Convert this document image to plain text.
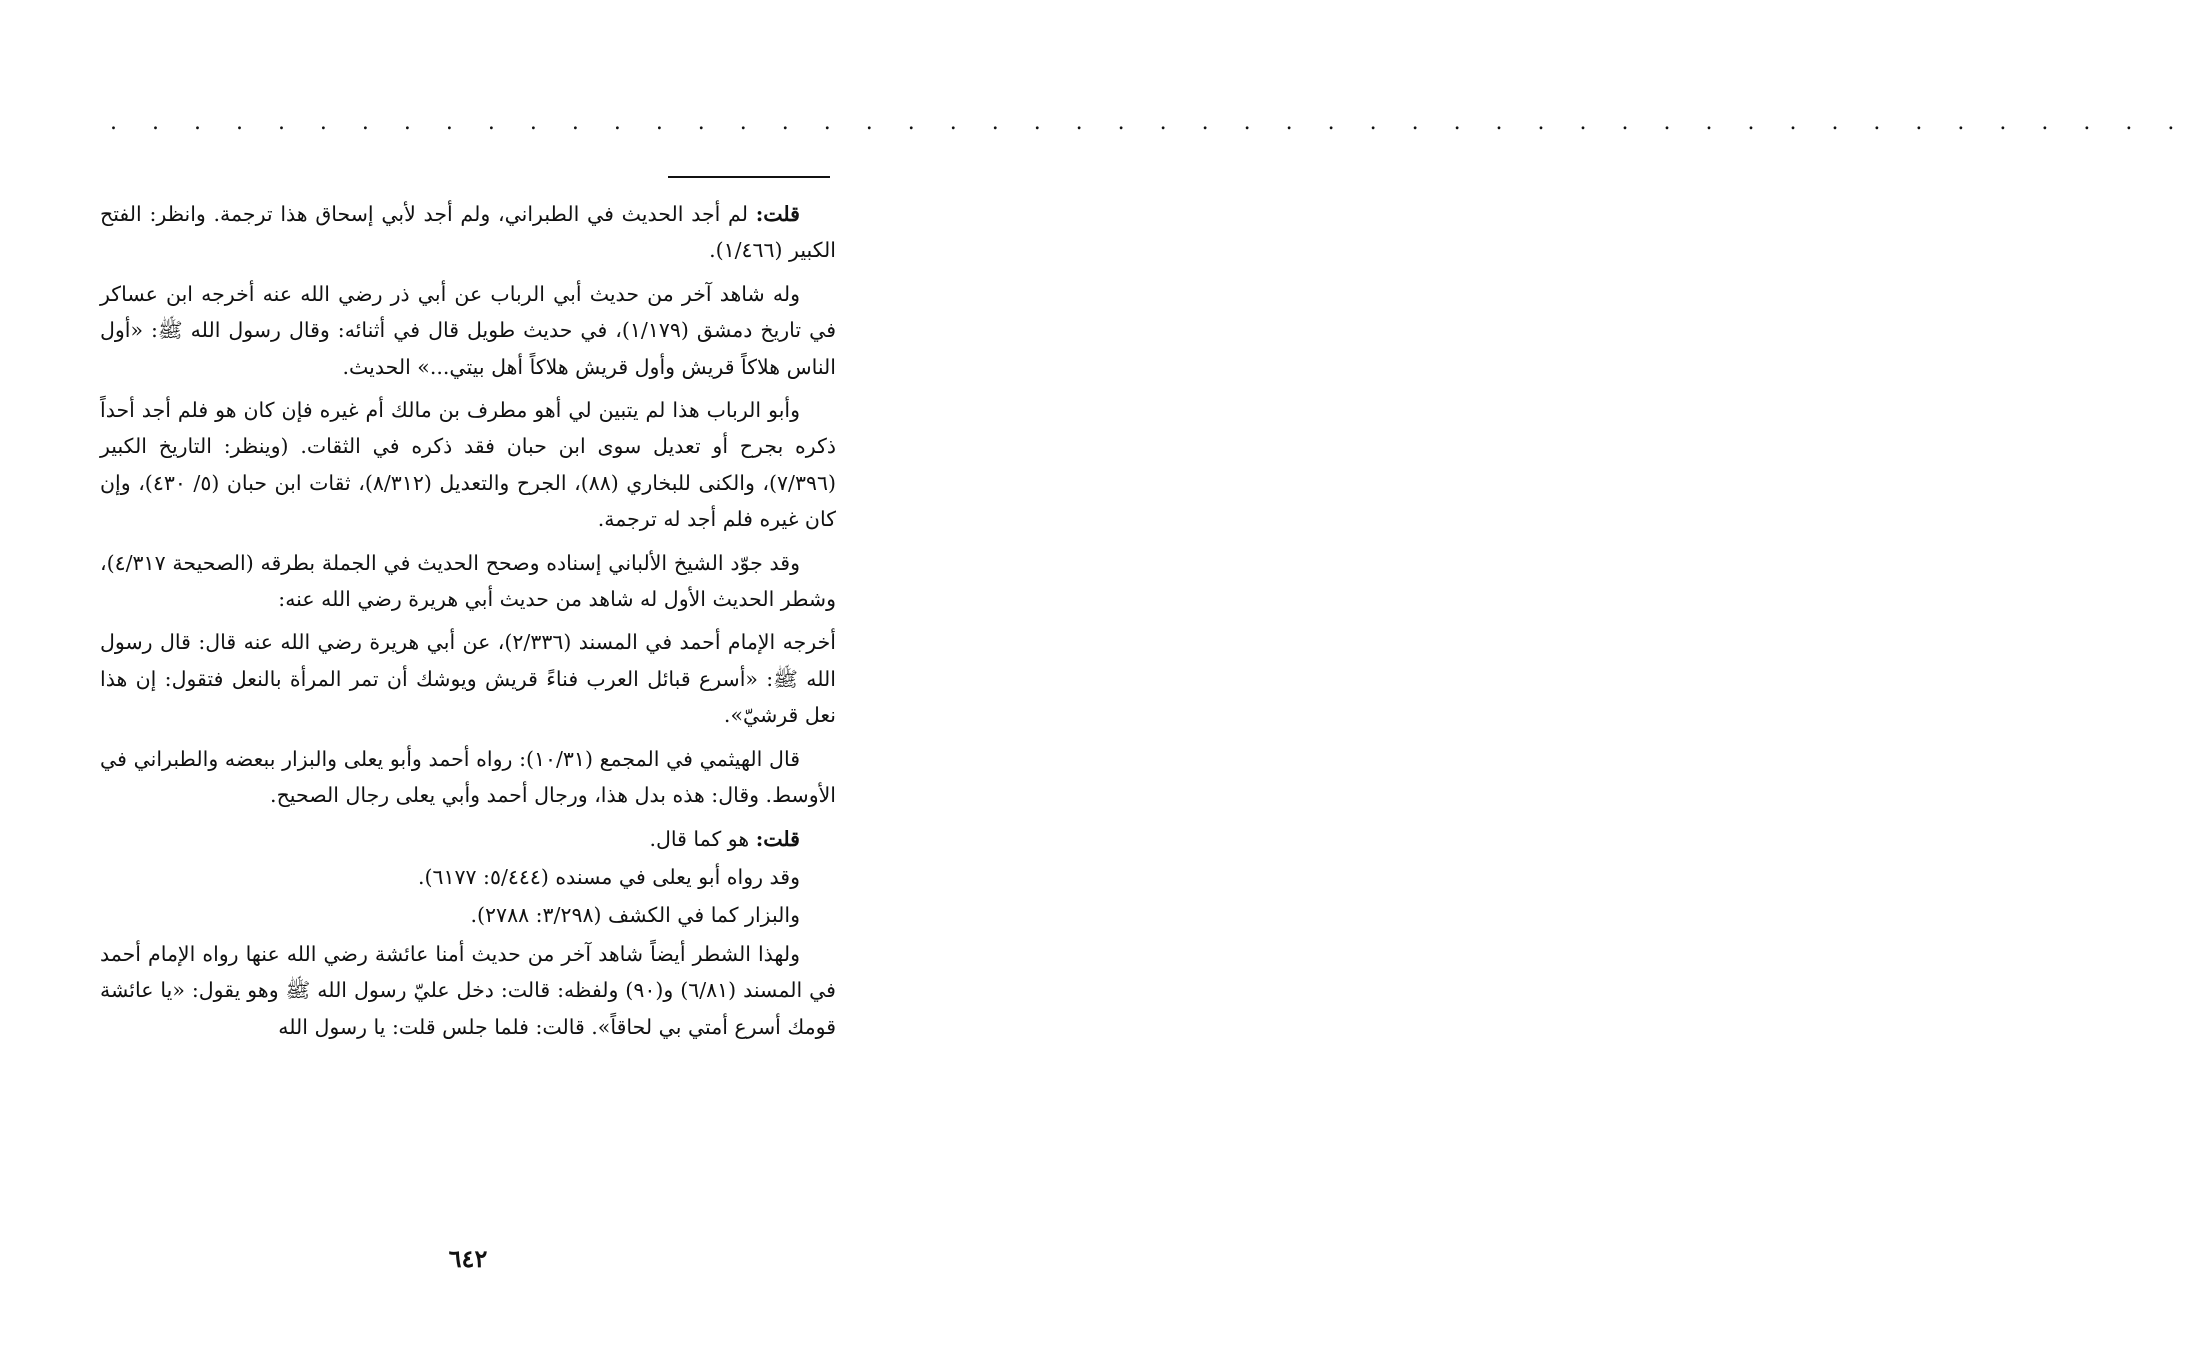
. . . . . . . . . . . . . . . . . . . . . . . . . . . . . . . . . . . . . . . . . . . . . . . . . .

قلت: لم أجد الحديث في الطبراني، ولم أجد لأبي إسحاق هذا ترجمة. وانظر: الفتح الكبير (١/٤٦٦).

وله شاهد آخر من حديث أبي الرباب عن أبي ذر رضي الله عنه أخرجه ابن عساكر في تاريخ دمشق (١/١٧٩)، في حديث طويل قال في أثنائه: وقال رسول الله ﷺ: «أول الناس هلاكاً قريش وأول قريش هلاكاً أهل بيتي...» الحديث.

وأبو الرباب هذا لم يتبين لي أهو مطرف بن مالك أم غيره فإن كان هو فلم أجد أحداً ذكره بجرح أو تعديل سوى ابن حبان فقد ذكره في الثقات. (وينظر: التاريخ الكبير (٧/٣٩٦)، والكنى للبخاري (٨٨)، الجرح والتعديل (٨/٣١٢)، ثقات ابن حبان (٥/ ٤٣٠)، وإن كان غيره فلم أجد له ترجمة.

وقد جوّد الشيخ الألباني إسناده وصحح الحديث في الجملة بطرقه (الصحيحة ٤/٣١٧)، وشطر الحديث الأول له شاهد من حديث أبي هريرة رضي الله عنه:

أخرجه الإمام أحمد في المسند (٢/٣٣٦)، عن أبي هريرة رضي الله عنه قال: قال رسول الله ﷺ: «أسرع قبائل العرب فناءً قريش ويوشك أن تمر المرأة بالنعل فتقول: إن هذا نعل قرشيّ».

قال الهيثمي في المجمع (١٠/٣١): رواه أحمد وأبو يعلى والبزار ببعضه والطبراني في الأوسط. وقال: هذه بدل هذا، ورجال أحمد وأبي يعلى رجال الصحيح.

قلت: هو كما قال.

وقد رواه أبو يعلى في مسنده (٥/٤٤٤: ٦١٧٧).

والبزار كما في الكشف (٣/٢٩٨: ٢٧٨٨).

ولهذا الشطر أيضاً شاهد آخر من حديث أمنا عائشة رضي الله عنها رواه الإمام أحمد في المسند (٦/٨١) و(٩٠) ولفظه: قالت: دخل عليّ رسول الله ﷺ وهو يقول: «يا عائشة قومك أسرع أمتي بي لحاقاً». قالت: فلما جلس قلت: يا رسول الله

٦٤٢
